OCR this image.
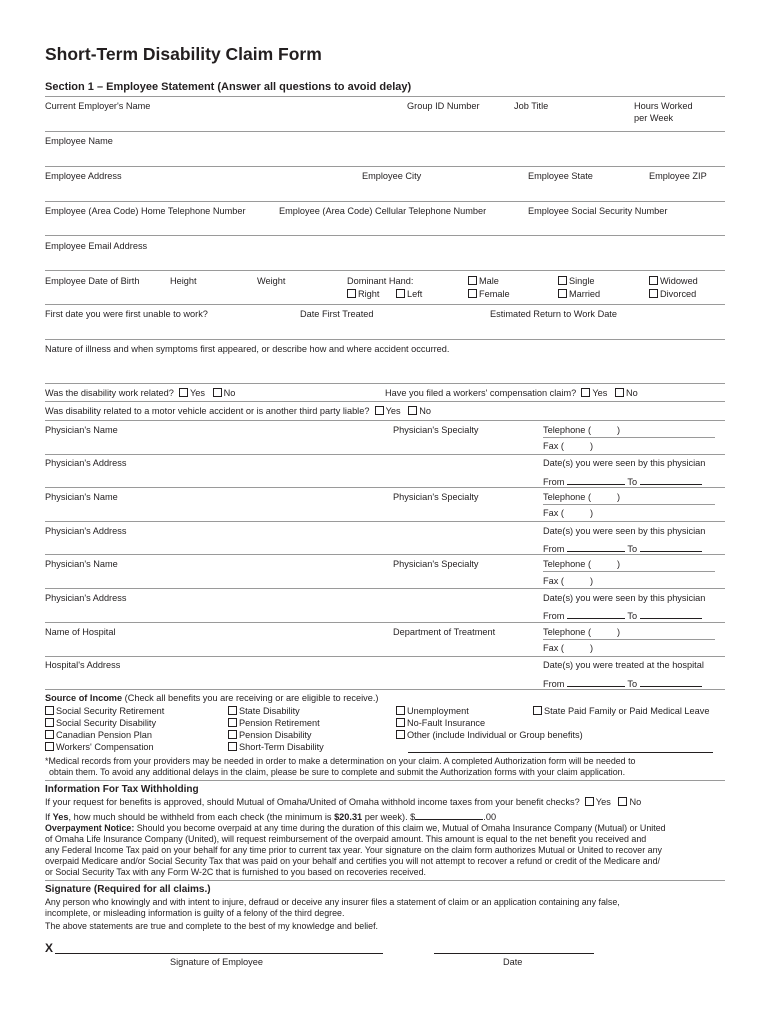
Short-Term Disability Claim Form
Section 1 – Employee Statement (Answer all questions to avoid delay)
Current Employer's Name	Group ID Number	Job Title	Hours Worked
per Week
Employee Name
Employee Address	Employee City	Employee State	Employee ZIP
Employee (Area Code) Home Telephone Number	Employee (Area Code) Cellular Telephone Number	Employee Social Security Number
Employee Email Address
Employee Date of Birth	Height	Weight	Dominant Hand:
Right	Left
Male
Female
Single
Married
Widowed
Divorced
First date you were first unable to work?	Date First Treated	Estimated Return to Work Date
Nature of illness and when symptoms first appeared, or describe how and where accident occurred.
Was the disability work related? Yes No	Have you filed a workers' compensation claim? Yes No
Was disability related to a motor vehicle accident or is another third party liable? Yes No
Physician's Name	Physician's Specialty	Telephone (	)
Fax (	)
Physician's Address	Date(s) you were seen by this physician
From	To
Physician's Name	Physician's Specialty	Telephone (	)
Fax (	)
Physician's Address	Date(s) you were seen by this physician
From	To
Physician's Name	Physician's Specialty	Telephone (	)
Fax (	)
Physician's Address	Date(s) you were seen by this physician
From	To
Name of Hospital	Department of Treatment	Telephone (	)
Fax (	)
Hospital's Address	Date(s) you were treated at the hospital
From	To
Source of Income (Check all benefits you are receiving or are eligible to receive.)
Social Security Retirement
Social Security Disability
Canadian Pension Plan
Workers' Compensation
State Disability
Pension Retirement
Pension Disability
Short-Term Disability
Unemployment
No-Fault Insurance
Other (include Individual or Group benefits)
State Paid Family or Paid Medical Leave
*Medical records from your providers may be needed in order to make a determination on your claim. A completed Authorization form will be needed to
obtain them. To avoid any additional delays in the claim, please be sure to complete and submit the Authorization forms with your claim application.
Information For Tax Withholding
If your request for benefits is approved, should Mutual of Omaha/United of Omaha withhold income taxes from your benefit checks? Yes No
If Yes, how much should be withheld from each check (the minimum is $20.31 per week). $	.00
Overpayment Notice: Should you become overpaid at any time during the duration of this claim we, Mutual of Omaha Insurance Company (Mutual) or United
of Omaha Life Insurance Company (United), will request reimbursement of the overpaid amount. This amount is equal to the net benefit you received and
any Federal Income Tax paid on your behalf for any time prior to current tax year. Your signature on the claim form authorizes Mutual or United to recover any
overpaid Medicare and/or Social Security Tax that was paid on your behalf and certifies you will not attempt to recover a refund or credit of the Medicare and/
or Social Security Tax with any Form W-2C that is furnished to you based on recoveries received.
Signature (Required for all claims.)
Any person who knowingly and with intent to injure, defraud or deceive any insurer files a statement of claim or an application containing any false,
incomplete, or misleading information is guilty of a felony of the third degree.
The above statements are true and complete to the best of my knowledge and belief.
X
Signature of Employee	Date
